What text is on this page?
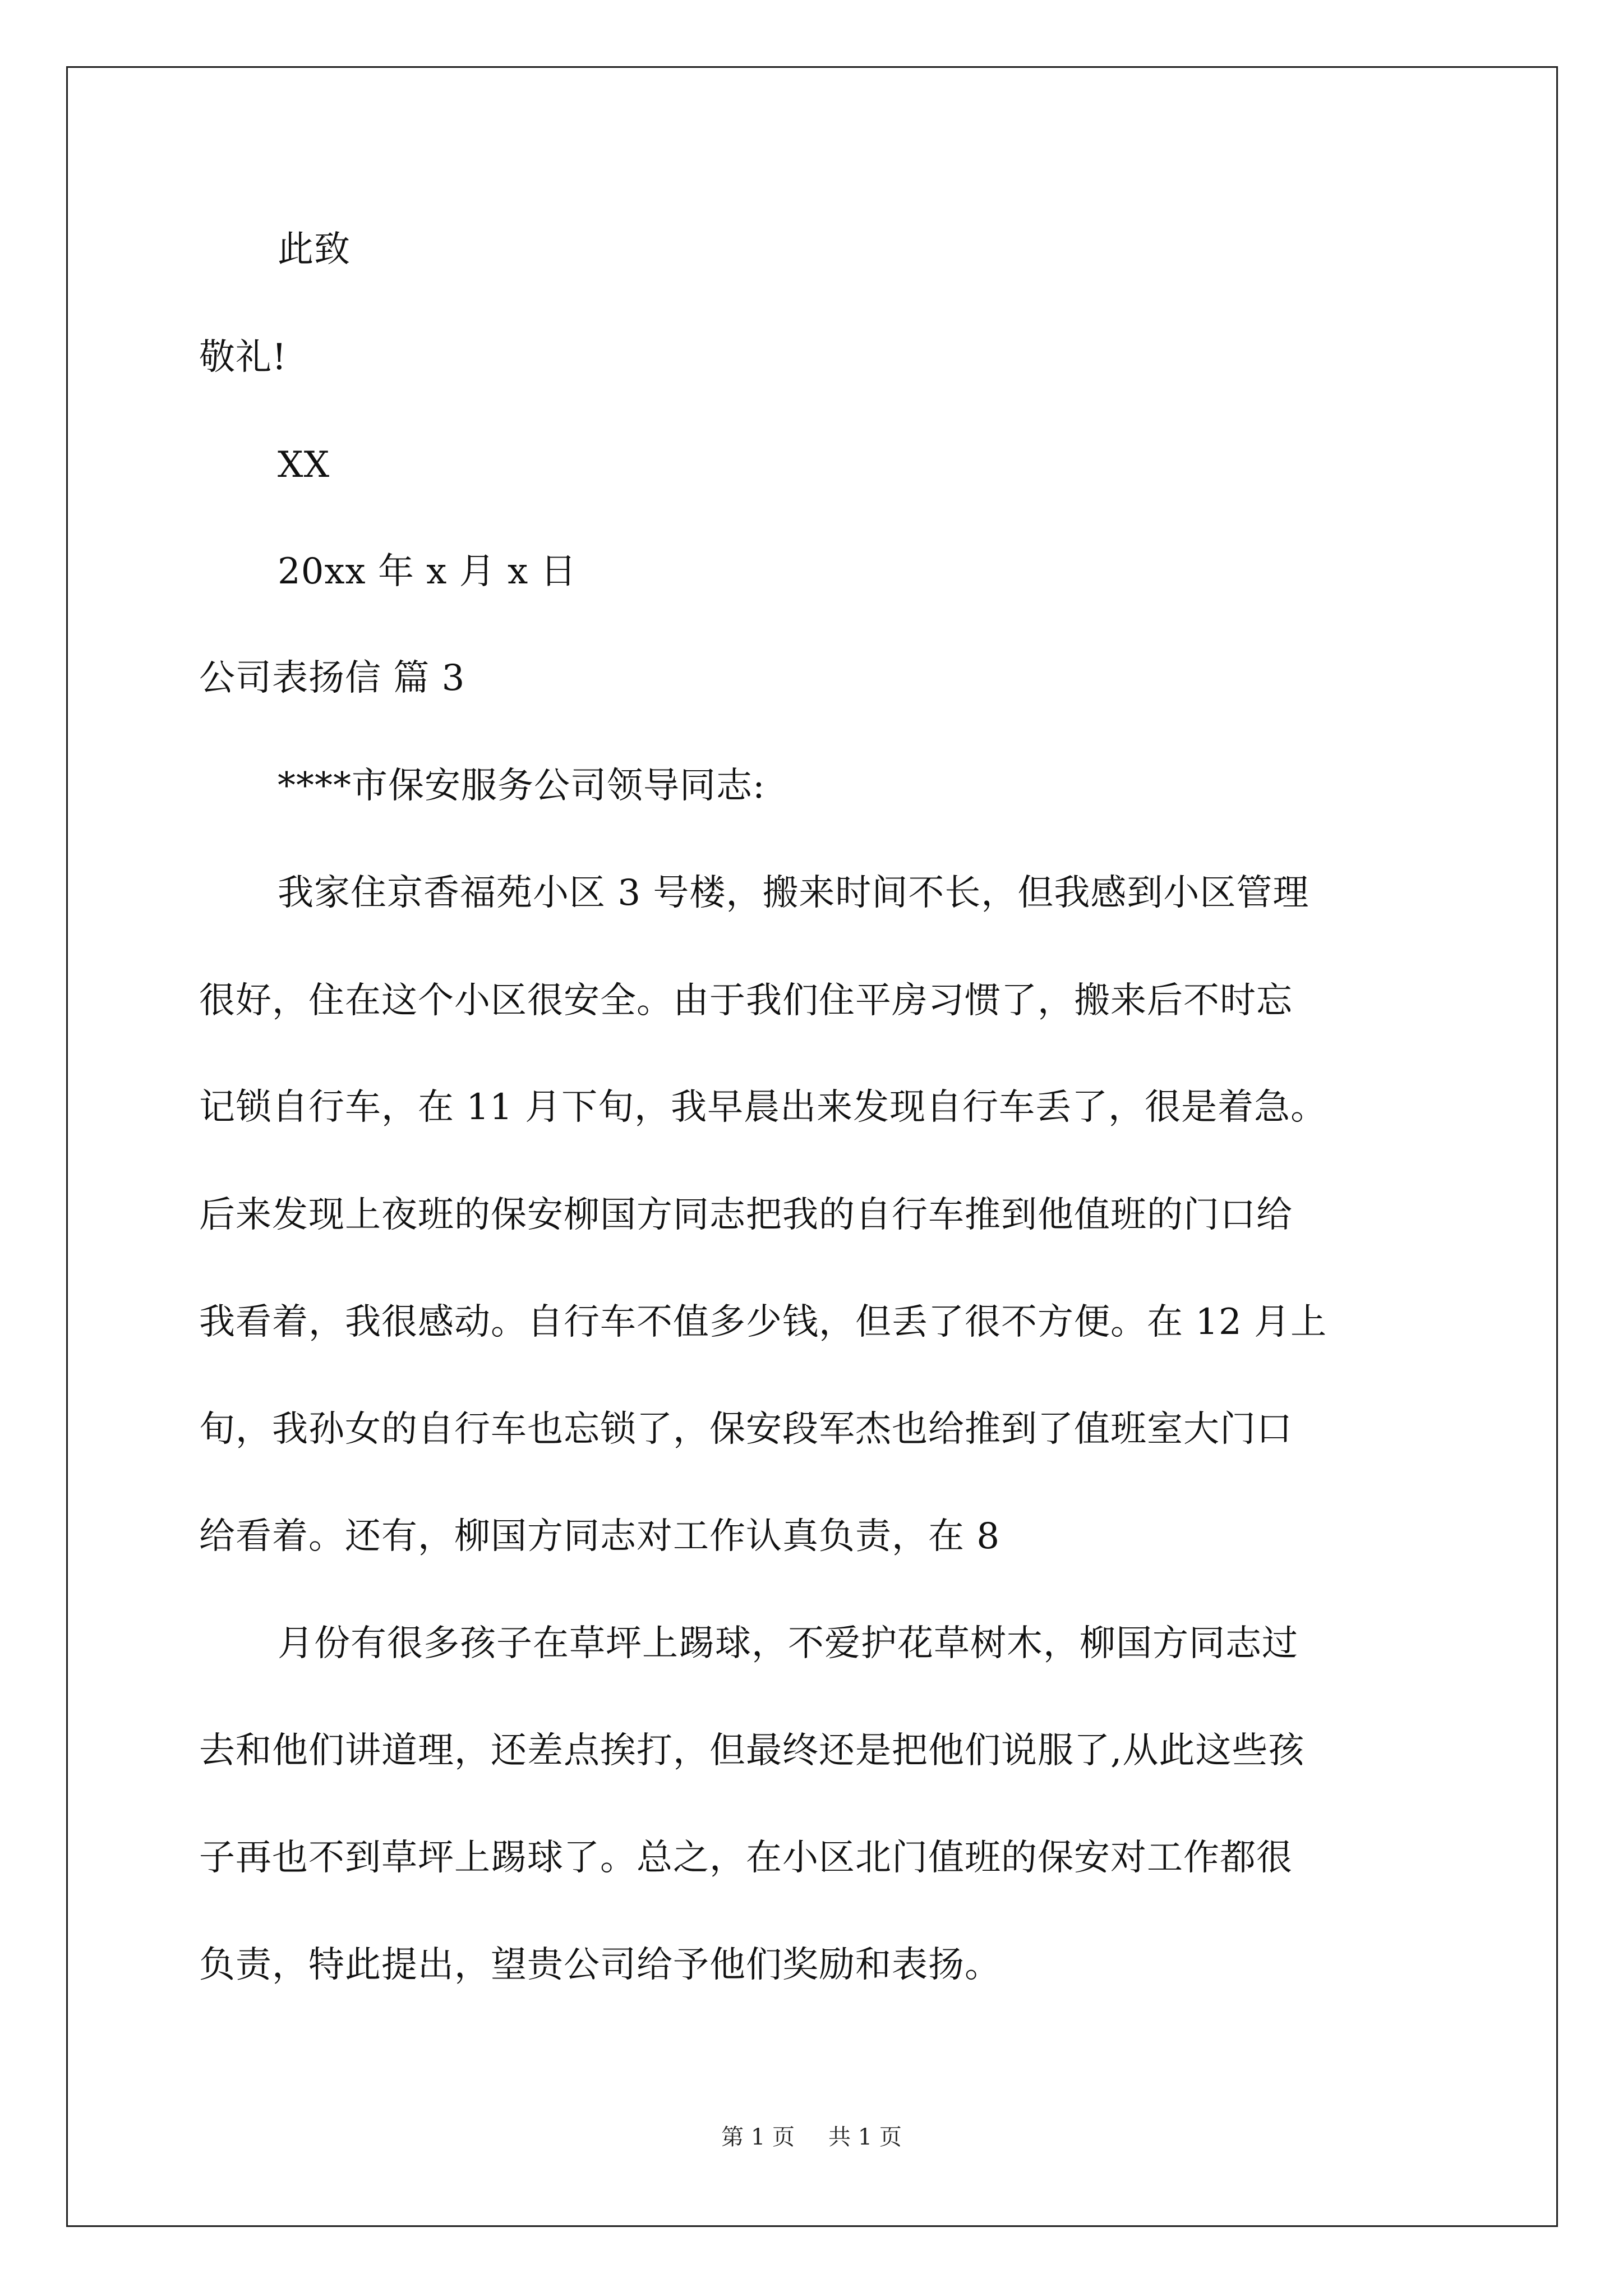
此致
敬礼!
XX
20xx 年 x 月 x 日
公司表扬信 篇 3
****市保安服务公司领导同志:
我家住京香福苑小区 3 号楼，搬来时间不长，但我感到小区管理
很好，住在这个小区很安全。由于我们住平房习惯了，搬来后不时忘
记锁自行车，在 11 月下旬，我早晨出来发现自行车丢了，很是着急。
后来发现上夜班的保安柳国方同志把我的自行车推到他值班的门口给
我看着，我很感动。自行车不值多少钱，但丢了很不方便。在 12 月上
旬，我孙女的自行车也忘锁了，保安段军杰也给推到了值班室大门口
给看着。还有，柳国方同志对工作认真负责，在 8
月份有很多孩子在草坪上踢球，不爱护花草树木，柳国方同志过
去和他们讲道理，还差点挨打，但最终还是把他们说服了,从此这些孩
子再也不到草坪上踢球了。总之，在小区北门值班的保安对工作都很
负责，特此提出，望贵公司给予他们奖励和表扬。
第 1 页 共 1 页
